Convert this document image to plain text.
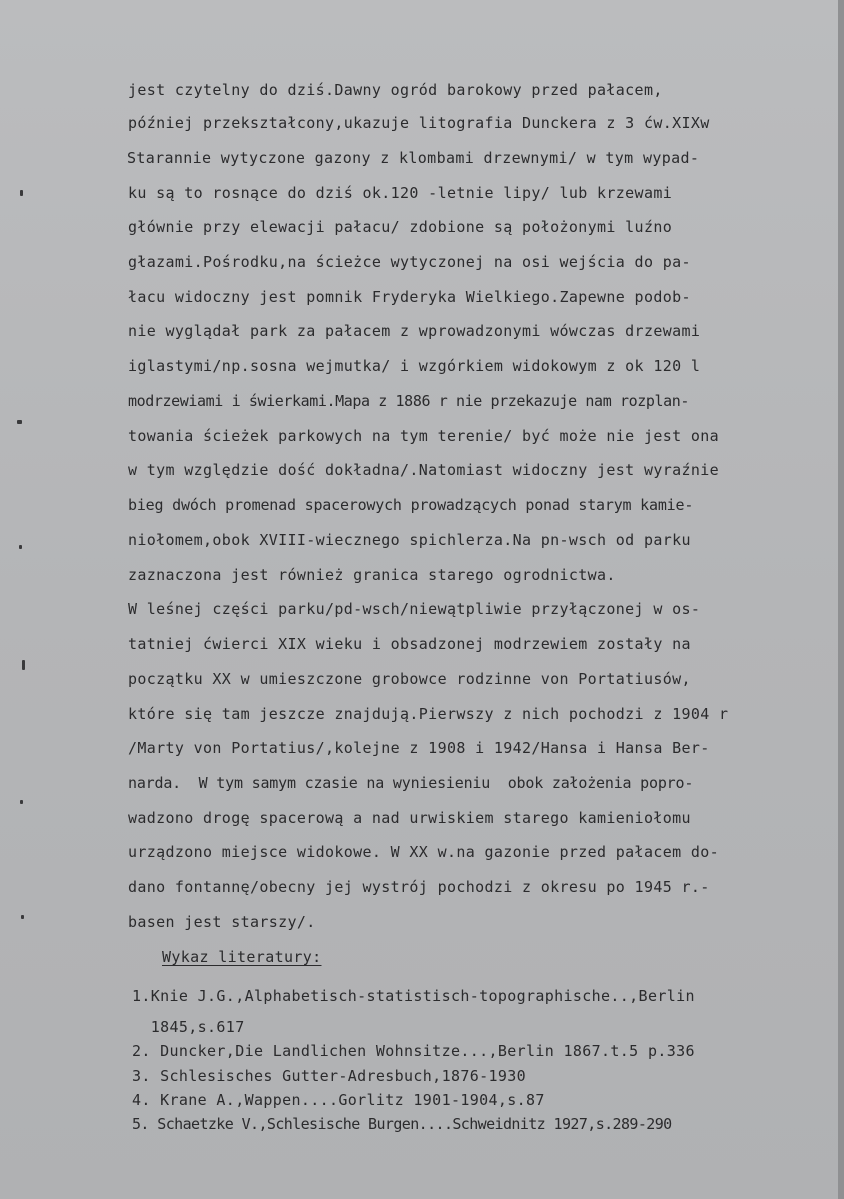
jest czytelny do dziś.Dawny ogród barokowy przed pałacem,
później przekształcony,ukazuje litografia Dunckera z 3 ćw.XIXw
Starannie wytyczone gazony z klombami drzewnymi/ w tym wypad-
ku są to rosnące do dziś ok.120 -letnie lipy/ lub krzewami
głównie przy elewacji pałacu/ zdobione są położonymi luźno
głazami.Pośrodku,na ścieżce wytyczonej na osi wejścia do pa-
łacu widoczny jest pomnik Fryderyka Wielkiego.Zapewne podob-
nie wyglądał park za pałacem z wprowadzonymi wówczas drzewami
iglastymi/np.sosna wejmutka/ i wzgórkiem widokowym z ok 120 l
modrzewiami i świerkami.Mapa z 1886 r nie przekazuje nam rozplan-
towania ścieżek parkowych na tym terenie/ być może nie jest ona
w tym względzie dość dokładna/.Natomiast widoczny jest wyraźnie
bieg dwóch promenad spacerowych prowadzących ponad starym kamie-
niołomem,obok XVIII-wiecznego spichlerza.Na pn-wsch od parku
zaznaczona jest również granica starego ogrodnictwa.
W leśnej części parku/pd-wsch/niewątpliwie przyłączonej w os-
tatniej ćwierci XIX wieku i obsadzonej modrzewiem zostały na
początku XX w umieszczone grobowce rodzinne von Portatiusów,
które się tam jeszcze znajdują.Pierwszy z nich pochodzi z 1904 r
/Marty von Portatius/,kolejne z 1908 i 1942/Hansa i Hansa Ber-
narda.  W tym samym czasie na wyniesieniu  obok założenia popro-
wadzono drogę spacerową a nad urwiskiem starego kamieniołomu
urządzono miejsce widokowe. W XX w.na gazonie przed pałacem do-
dano fontannę/obecny jej wystrój pochodzi z okresu po 1945 r.-
basen jest starszy/.
Wykaz literatury:
1.Knie J.G.,Alphabetisch-statistisch-topographische..,Berlin
1845,s.617
2. Duncker,Die Landlichen Wohnsitze...,Berlin 1867.t.5 p.336
3. Schlesisches Gutter-Adresbuch,1876-1930
4. Krane A.,Wappen....Gorlitz 1901-1904,s.87
5. Schaetzke V.,Schlesische Burgen....Schweidnitz 1927,s.289-290
